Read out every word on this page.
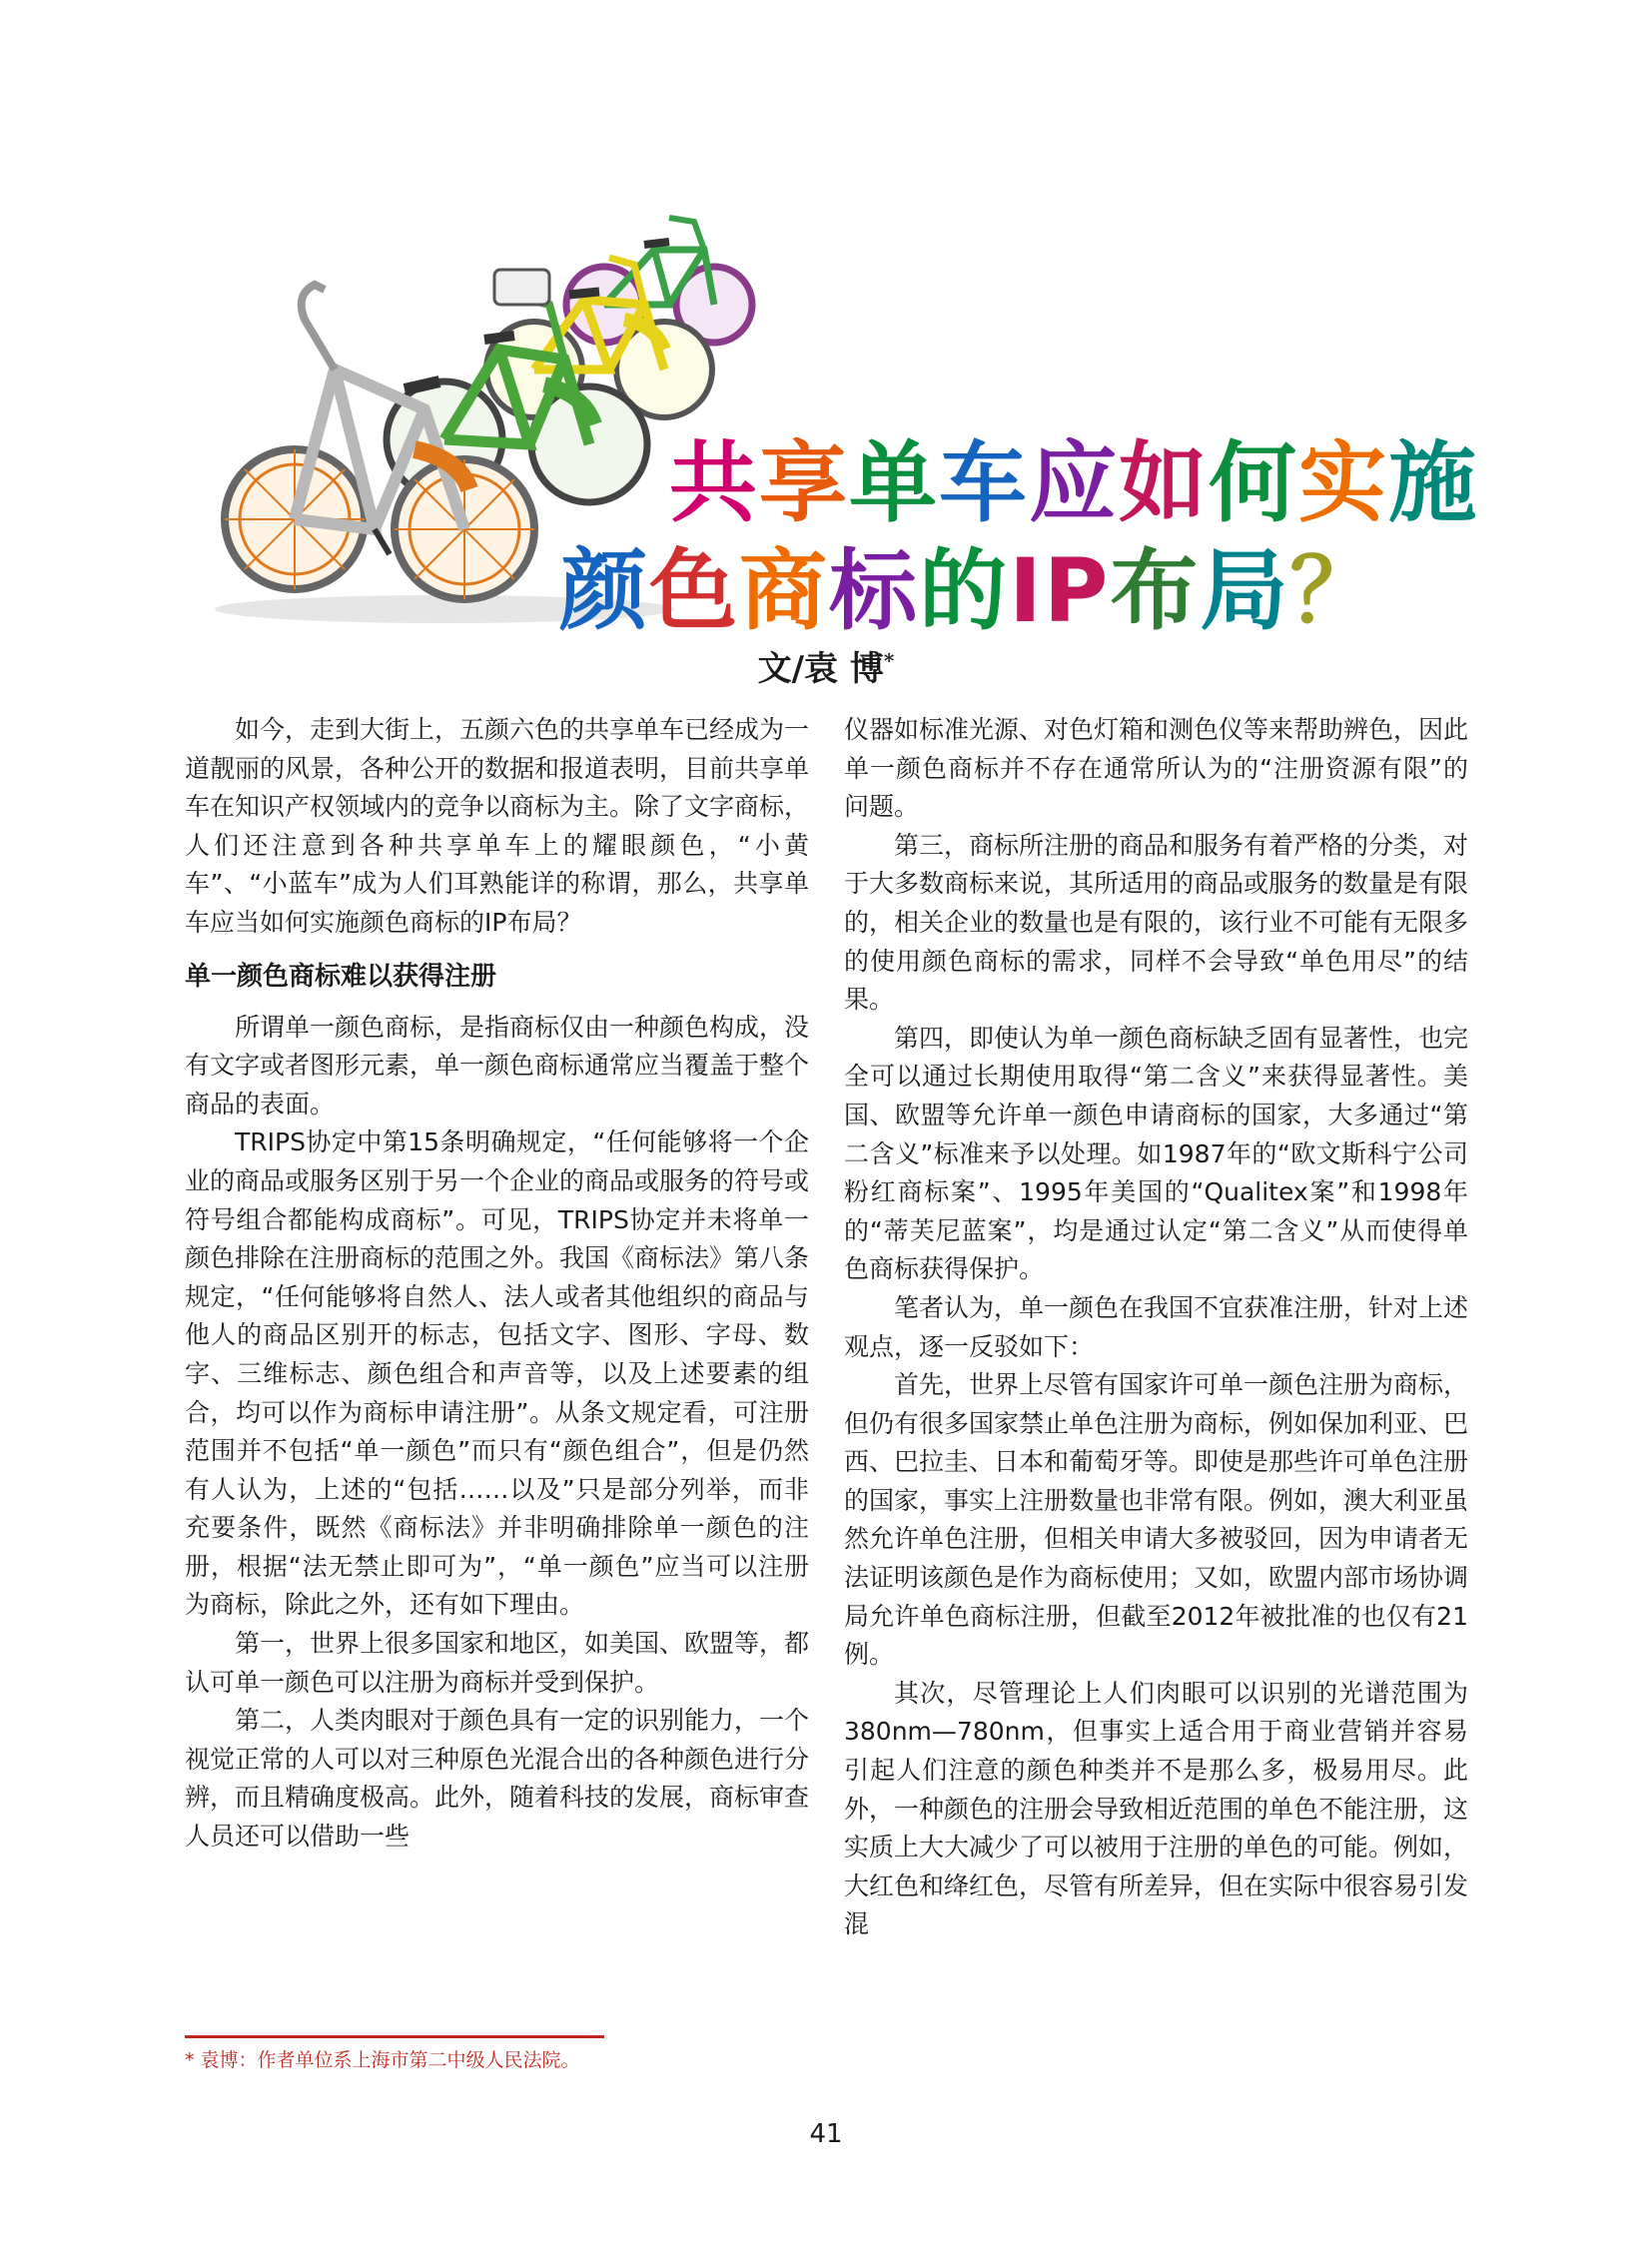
共享单车应如何实施
颜色商标的IP布局？
文/袁 博*

如今，走到大街上，五颜六色的共享单车已经成为一道靓丽的风景，各种公开的数据和报道表明，目前共享单车在知识产权领域内的竞争以商标为主。除了文字商标，人们还注意到各种共享单车上的耀眼颜色，“小黄车”、“小蓝车”成为人们耳熟能详的称谓，那么，共享单车应当如何实施颜色商标的IP布局？

单一颜色商标难以获得注册

所谓单一颜色商标，是指商标仅由一种颜色构成，没有文字或者图形元素，单一颜色商标通常应当覆盖于整个商品的表面。

TRIPS协定中第15条明确规定，“任何能够将一个企业的商品或服务区别于另一个企业的商品或服务的符号或符号组合都能构成商标”。可见，TRIPS协定并未将单一颜色排除在注册商标的范围之外。我国《商标法》第八条规定，“任何能够将自然人、法人或者其他组织的商品与他人的商品区别开的标志，包括文字、图形、字母、数字、三维标志、颜色组合和声音等，以及上述要素的组合，均可以作为商标申请注册”。从条文规定看，可注册范围并不包括“单一颜色”而只有“颜色组合”，但是仍然有人认为，上述的“包括……以及”只是部分列举，而非充要条件，既然《商标法》并非明确排除单一颜色的注册，根据“法无禁止即可为”，“单一颜色”应当可以注册为商标，除此之外，还有如下理由。

第一，世界上很多国家和地区，如美国、欧盟等，都认可单一颜色可以注册为商标并受到保护。

第二，人类肉眼对于颜色具有一定的识别能力，一个视觉正常的人可以对三种原色光混合出的各种颜色进行分辨，而且精确度极高。此外，随着科技的发展，商标审查人员还可以借助一些

仪器如标准光源、对色灯箱和测色仪等来帮助辨色，因此单一颜色商标并不存在通常所认为的“注册资源有限”的问题。

第三，商标所注册的商品和服务有着严格的分类，对于大多数商标来说，其所适用的商品或服务的数量是有限的，相关企业的数量也是有限的，该行业不可能有无限多的使用颜色商标的需求，同样不会导致“单色用尽”的结果。

第四，即使认为单一颜色商标缺乏固有显著性，也完全可以通过长期使用取得“第二含义”来获得显著性。美国、欧盟等允许单一颜色申请商标的国家，大多通过“第二含义”标准来予以处理。如1987年的“欧文斯科宁公司粉红商标案”、1995年美国的“Qualitex案”和1998年的“蒂芙尼蓝案”，均是通过认定“第二含义”从而使得单色商标获得保护。

笔者认为，单一颜色在我国不宜获准注册，针对上述观点，逐一反驳如下：

首先，世界上尽管有国家许可单一颜色注册为商标，但仍有很多国家禁止单色注册为商标，例如保加利亚、巴西、巴拉圭、日本和葡萄牙等。即使是那些许可单色注册的国家，事实上注册数量也非常有限。例如，澳大利亚虽然允许单色注册，但相关申请大多被驳回，因为申请者无法证明该颜色是作为商标使用；又如，欧盟内部市场协调局允许单色商标注册，但截至2012年被批准的也仅有21例。

其次，尽管理论上人们肉眼可以识别的光谱范围为380nm—780nm，但事实上适合用于商业营销并容易引起人们注意的颜色种类并不是那么多，极易用尽。此外，一种颜色的注册会导致相近范围的单色不能注册，这实质上大大减少了可以被用于注册的单色的可能。例如，大红色和绛红色，尽管有所差异，但在实际中很容易引发混

* 袁博：作者单位系上海市第二中级人民法院。
41
